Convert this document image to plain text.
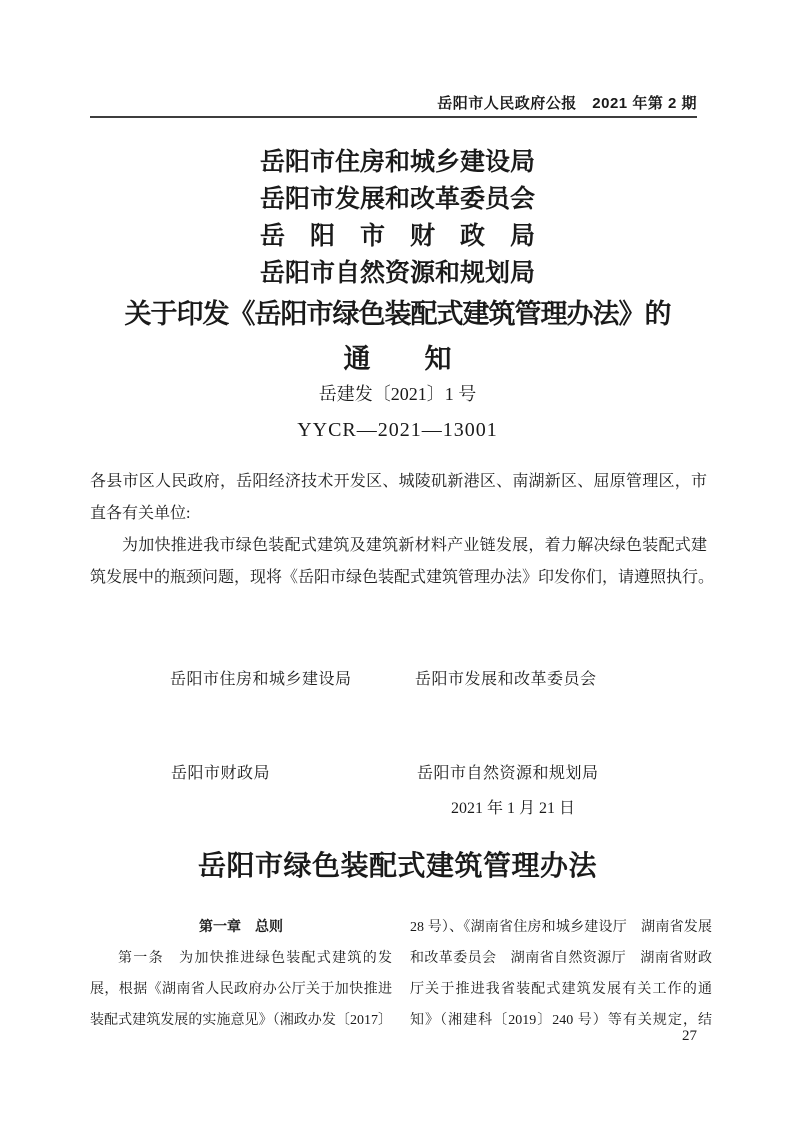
岳阳市人民政府公报　2021 年第 2 期
岳阳市住房和城乡建设局
岳阳市发展和改革委员会
岳　阳　市　财　政　局
岳阳市自然资源和规划局
关于印发《岳阳市绿色装配式建筑管理办法》的
通　　知
岳建发〔2021〕1 号
YYCR—2021—13001
各县市区人民政府，岳阳经济技术开发区、城陵矶新港区、南湖新区、屈原管理区，市
直各有关单位:
为加快推进我市绿色装配式建筑及建筑新材料产业链发展，着力解决绿色装配式建
筑发展中的瓶颈问题，现将《岳阳市绿色装配式建筑管理办法》印发你们，请遵照执行。
岳阳市住房和城乡建设局	岳阳市发展和改革委员会
岳阳市财政局	岳阳市自然资源和规划局
2021 年 1 月 21 日
岳阳市绿色装配式建筑管理办法
第一章　总则
第一条　为加快推进绿色装配式建筑的发
展，根据《湖南省人民政府办公厅关于加快推进
装配式建筑发展的实施意见》（湘政办发〔2017〕
28 号）、《湖南省住房和城乡建设厅　湖南省发展
和改革委员会　湖南省自然资源厅　湖南省财政
厅关于推进我省装配式建筑发展有关工作的通
知》（湘建科〔2019〕240 号）等有关规定，结
27
